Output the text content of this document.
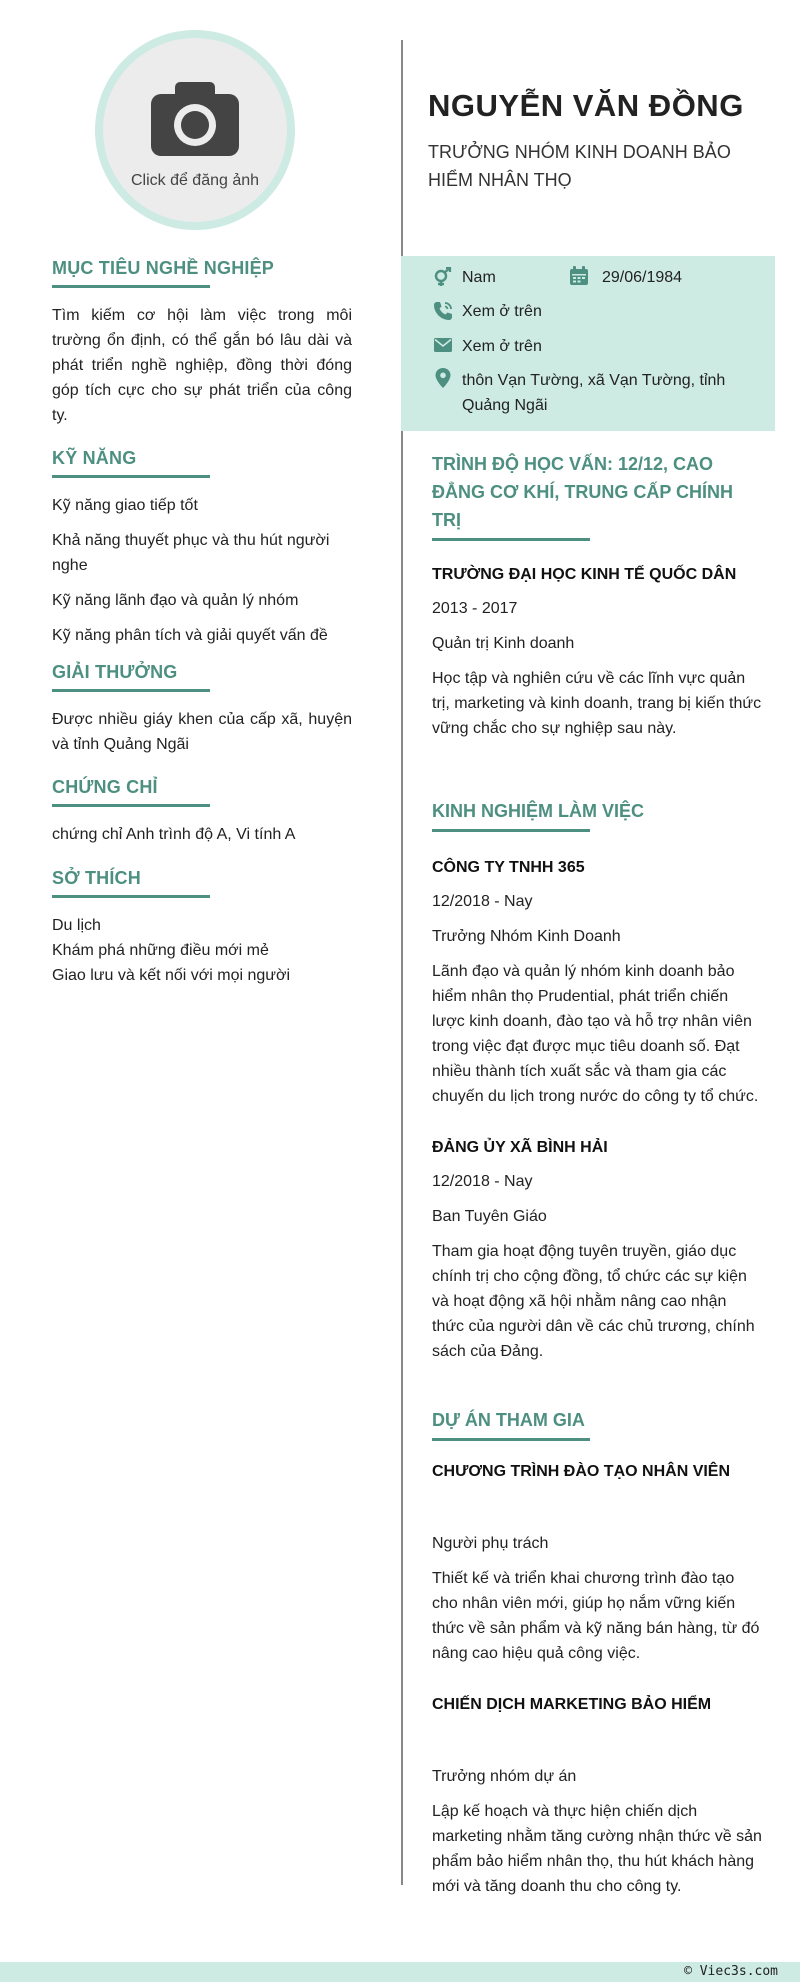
Click để đăng ảnh
MỤC TIÊU NGHỀ NGHIỆP
Tìm kiếm cơ hội làm việc trong môi trường ổn định, có thể gắn bó lâu dài và phát triển nghề nghiệp, đồng thời đóng góp tích cực cho sự phát triển của công ty.
KỸ NĂNG
Kỹ năng giao tiếp tốt
Khả năng thuyết phục và thu hút người nghe
Kỹ năng lãnh đạo và quản lý nhóm
Kỹ năng phân tích và giải quyết vấn đề
GIẢI THƯỞNG
Được nhiều giáy khen của cấp xã, huyện và tỉnh Quảng Ngãi
CHỨNG CHỈ
chứng chỉ Anh trình độ A, Vi tính A
SỞ THÍCH
Du lịch
Khám phá những điều mới mẻ
Giao lưu và kết nối với mọi người
NGUYỄN VĂN ĐỒNG
TRƯỞNG NHÓM KINH DOANH BẢO HIỂM NHÂN THỌ
Nam	29/06/1984
Xem ở trên
Xem ở trên
thôn Vạn Tường, xã Vạn Tường, tỉnh Quảng Ngãi
TRÌNH ĐỘ HỌC VẤN: 12/12, CAO ĐẲNG CƠ KHÍ, TRUNG CẤP CHÍNH TRỊ
TRƯỜNG ĐẠI HỌC KINH TẾ QUỐC DÂN
2013 - 2017
Quản trị Kinh doanh
Học tập và nghiên cứu về các lĩnh vực quản trị, marketing và kinh doanh, trang bị kiến thức vững chắc cho sự nghiệp sau này.
KINH NGHIỆM LÀM VIỆC
CÔNG TY TNHH 365
12/2018 - Nay
Trưởng Nhóm Kinh Doanh
Lãnh đạo và quản lý nhóm kinh doanh bảo hiểm nhân thọ Prudential, phát triển chiến lược kinh doanh, đào tạo và hỗ trợ nhân viên trong việc đạt được mục tiêu doanh số. Đạt nhiều thành tích xuất sắc và tham gia các chuyến du lịch trong nước do công ty tổ chức.
ĐẢNG ỦY XÃ BÌNH HẢI
12/2018 - Nay
Ban Tuyên Giáo
Tham gia hoạt động tuyên truyền, giáo dục chính trị cho cộng đồng, tổ chức các sự kiện và hoạt động xã hội nhằm nâng cao nhận thức của người dân về các chủ trương, chính sách của Đảng.
DỰ ÁN THAM GIA
CHƯƠNG TRÌNH ĐÀO TẠO NHÂN VIÊN
Người phụ trách
Thiết kế và triển khai chương trình đào tạo cho nhân viên mới, giúp họ nắm vững kiến thức về sản phẩm và kỹ năng bán hàng, từ đó nâng cao hiệu quả công việc.
CHIẾN DỊCH MARKETING BẢO HIỂM
Trưởng nhóm dự án
Lập kế hoạch và thực hiện chiến dịch marketing nhằm tăng cường nhận thức về sản phẩm bảo hiểm nhân thọ, thu hút khách hàng mới và tăng doanh thu cho công ty.
© Viec3s.com
